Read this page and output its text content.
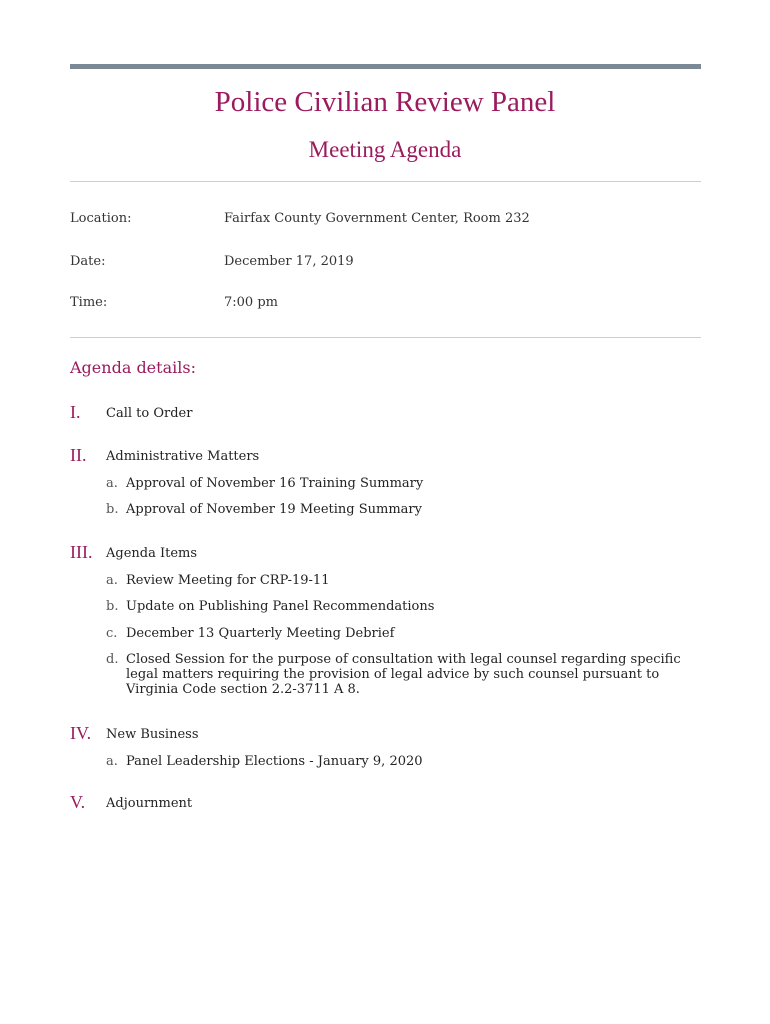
Police Civilian Review Panel
Meeting Agenda
Location:	Fairfax County Government Center, Room 232
Date:	December 17, 2019
Time:	7:00 pm
Agenda details:
I. Call to Order
II. Administrative Matters
a. Approval of November 16 Training Summary
b. Approval of November 19 Meeting Summary
III. Agenda Items
a. Review Meeting for CRP-19-11
b. Update on Publishing Panel Recommendations
c. December 13 Quarterly Meeting Debrief
d. Closed Session for the purpose of consultation with legal counsel regarding specific legal matters requiring the provision of legal advice by such counsel pursuant to Virginia Code section 2.2-3711 A 8.
IV. New Business
a. Panel Leadership Elections - January 9, 2020
V. Adjournment
